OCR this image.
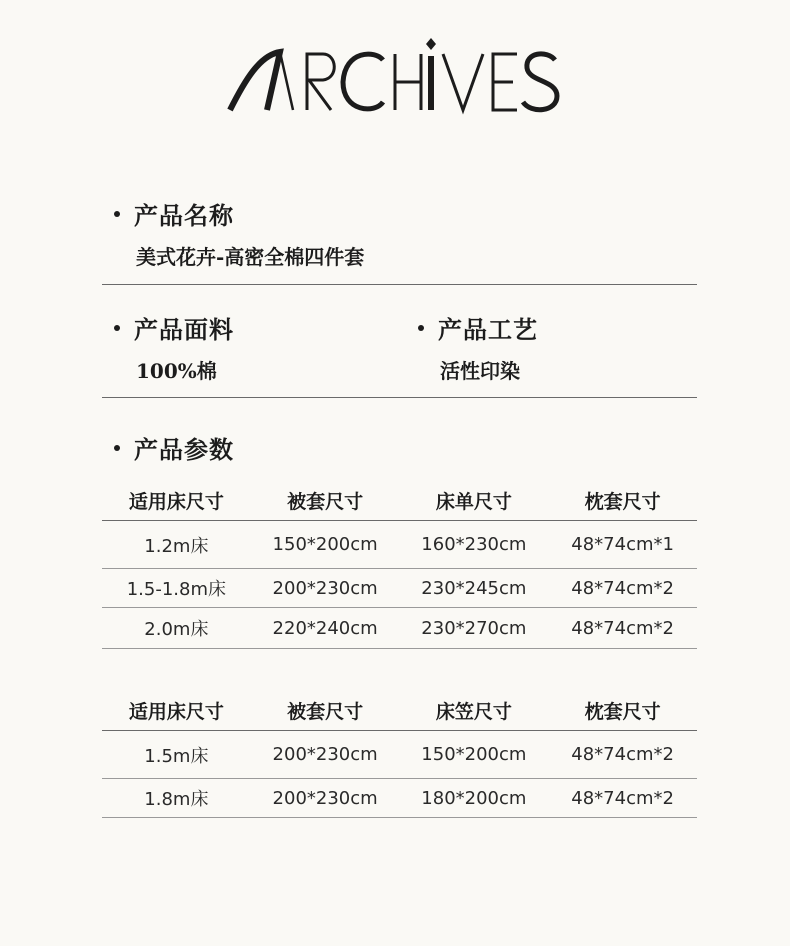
产品名称
美式花卉-高密全棉四件套
产品面料
100%棉
产品工艺
活性印染
产品参数
适用床尺寸	被套尺寸	床单尺寸	枕套尺寸
1.2m床	150*200cm	160*230cm	48*74cm*1
1.5-1.8m床	200*230cm	230*245cm	48*74cm*2
2.0m床	220*240cm	230*270cm	48*74cm*2
适用床尺寸	被套尺寸	床笠尺寸	枕套尺寸
1.5m床	200*230cm	150*200cm	48*74cm*2
1.8m床	200*230cm	180*200cm	48*74cm*2
